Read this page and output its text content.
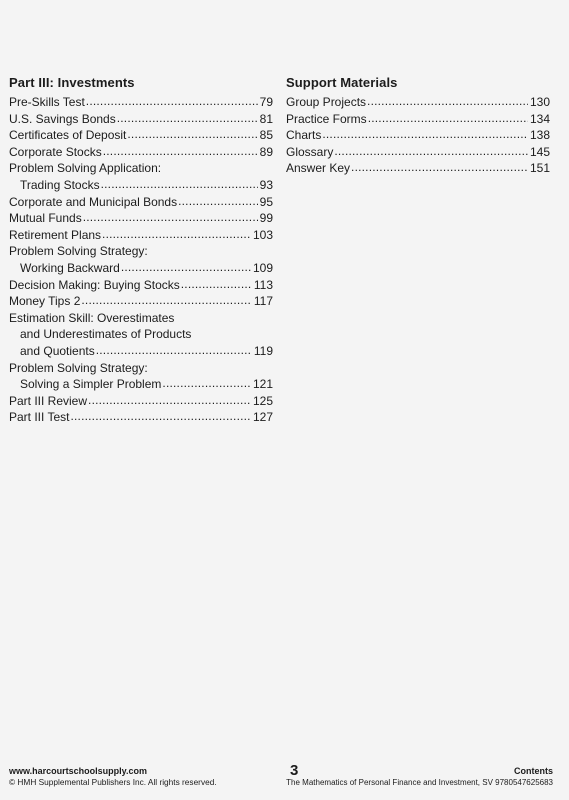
Part III: Investments
Pre-Skills Test .....	79
U.S. Savings Bonds .....	81
Certificates of Deposit .....	85
Corporate Stocks .....	89
Problem Solving Application:
Trading Stocks .....	93
Corporate and Municipal Bonds .....	95
Mutual Funds .....	99
Retirement Plans .....	103
Problem Solving Strategy:
Working Backward .....	109
Decision Making: Buying Stocks .....	113
Money Tips 2 .....	117
Estimation Skill: Overestimates
and Underestimates of Products
and Quotients .....	119
Problem Solving Strategy:
Solving a Simpler Problem .....	121
Part III Review .....	125
Part III Test .....	127
Support Materials
Group Projects .....	130
Practice Forms .....	134
Charts .....	138
Glossary .....	145
Answer Key .....	151
www.harcourtschoolsupply.com
© HMH Supplemental Publishers Inc. All rights reserved.
3	Contents
The Mathematics of Personal Finance and Investment, SV 9780547625683
